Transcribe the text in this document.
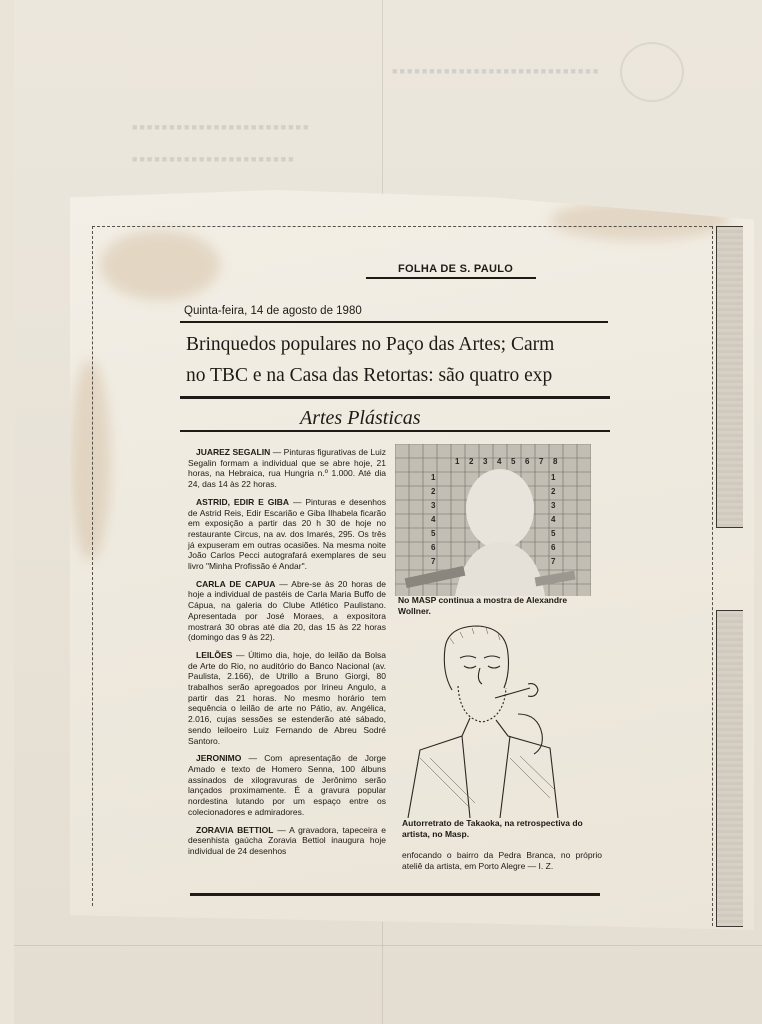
■■■■■■■■■■■■■■■■■■■■■■■■■■■■
■■■■■■■■■■■■■■■■■■■■■■■■
■■■■■■■■■■■■■■■■■■■■■■
FOLHA DE S. PAULO
Quinta-feira, 14 de agosto de 1980
Brinquedos populares no Paço das Artes; Carm
no TBC e na Casa das Retortas: são quatro exp
Artes Plásticas

JUAREZ SEGALIN — Pinturas figurativas de Luiz Segalin formam a individual que se abre hoje, 21 horas, na Hebraica, rua Hungria n.º 1.000. Até dia 24, das 14 às 22 horas.

ASTRID, EDIR E GIBA — Pinturas e desenhos de Astrid Reis, Edir Escarião e Giba Ilhabela ficarão em exposição a partir das 20 h 30 de hoje no restaurante Circus, na av. dos Imarés, 295. Os três já expuseram em outras ocasiões. Na mesma noite João Carlos Pecci autografará exemplares de seu livro "Minha Profissão é Andar".

CARLA DE CAPUA — Abre-se às 20 horas de hoje a individual de pastéis de Carla Maria Buffo de Cápua, na galeria do Clube Atlético Paulistano. Apresentada por José Moraes, a expositora mostrará 30 obras até dia 20, das 15 às 22 horas (domingo das 9 às 22).

LEILÕES — Último dia, hoje, do leilão da Bolsa de Arte do Rio, no auditório do Banco Nacional (av. Paulista, 2.166), de Utrillo a Bruno Giorgi, 80 trabalhos serão apregoados por Irineu Angulo, a partir das 21 horas. No mesmo horário tem sequência o leilão de arte no Pátio, av. Angélica, 2.016, cujas sessões se estenderão até sábado, sendo leiloeiro Luiz Fernando de Abreu Sodré Santoro.

JERONIMO — Com apresentação de Jorge Amado e texto de Homero Senna, 100 álbuns assinados de xilogravuras de Jerônimo serão lançados proximamente. É a gravura popular nordestina lutando por um espaço entre os colecionadores e admiradores.

ZORAVIA BETTIOL — A gravadora, tapeceira e desenhista gaúcha Zoravia Bettiol inaugura hoje individual de 24 desenhos

1 2 3 4 5 6 7 8
1	1
2	2
3	3
4	4
5	5
6	6
7	7
No MASP continua a mostra de Alexandre Wollner.
Autorretrato de Takaoka, na retrospectiva do artista, no Masp.
enfocando o bairro da Pedra Branca, no próprio ateliê da artista, em Porto Alegre — I. Z.
